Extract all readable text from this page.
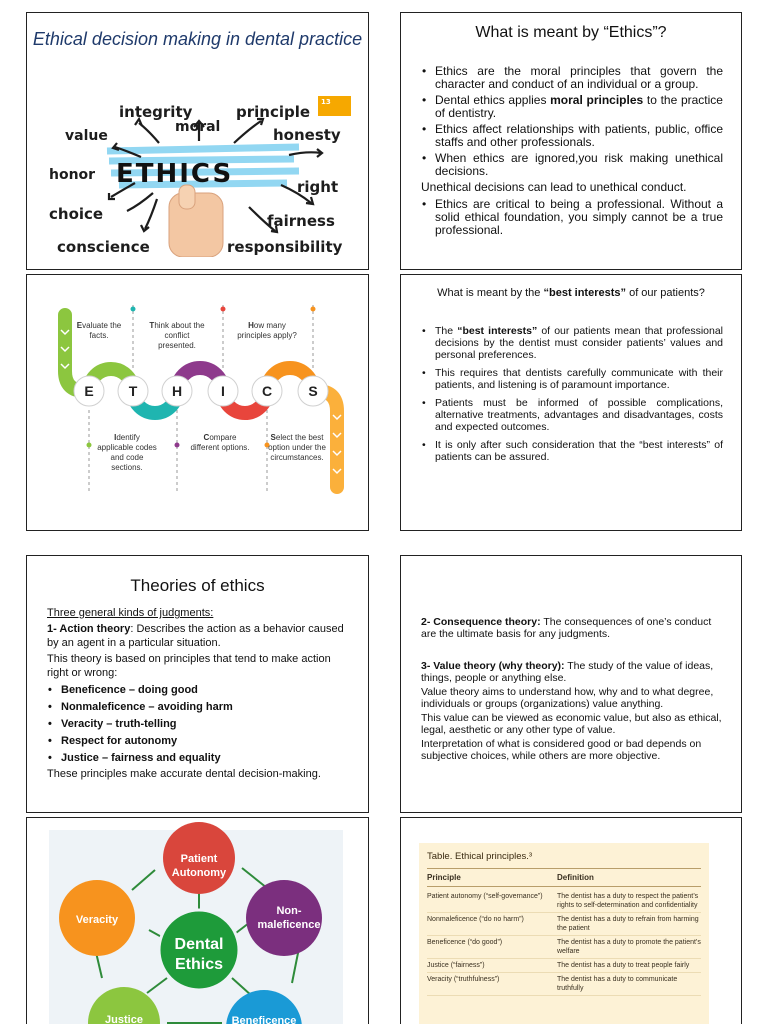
Ethical decision making in dental practice
13
integrity
moral
principle
value	honesty
honor ETHICS	right
choice	fairness
conscience	responsibility
What is meant by “Ethics”?
• Ethics are the moral principles that govern the character and conduct of an individual or a group.
• Dental ethics applies moral principles to the practice of dentistry.
• Ethics affect relationships with patients, public, office staffs and other professionals.
• When ethics are ignored,you risk making unethical decisions.
Unethical decisions can lead to unethical conduct.
• Ethics are critical to being a professional. Without a solid ethical foundation, you simply cannot be a true professional.
E	T H	I	C	S
Evaluate the facts.
Think about the conflict presented.
How many principles apply?
Identify applicable codes and code sections.
Compare different options.
Select the best option under the circumstances.
What is meant by the “best interests” of our patients?
• The “best interests” of our patients mean that professional decisions by the dentist must consider patients’ values and personal preferences.
• This requires that dentists carefully communicate with their patients, and listening is of paramount importance.
• Patients must be informed of possible complications, alternative treatments, advantages and disadvantages, costs and expected outcomes.
• It is only after such consideration that the “best interests” of patients can be assured.
Theories of ethics

Three general kinds of judgments:

1- Action theory: Describes the action as a behavior caused by an agent in a particular situation.

This theory is based on principles that tend to make action right or wrong:

• Beneficence – doing good
• Nonmaleficence – avoiding harm
• Veracity – truth-telling
• Respect for autonomy
• Justice – fairness and equality

These principles make accurate dental decision-making.

2- Consequence theory: The consequences of one’s conduct are the ultimate basis for any judgments.

3- Value theory (why theory): The study of the value of ideas, things, people or anything else.

Value theory aims to understand how, why and to what degree, individuals or groups (organizations) value anything.

This value can be viewed as economic value, but also as ethical, legal, aesthetic or any other type of value.

Interpretation of what is considered good or bad depends on subjective choices, while others are more objective.

Dental
Ethics
Patient
Autonomy
Non-
maleficence
Veracity
Justice	Beneficence
Table. Ethical principles.³
Principle	Definition
Patient autonomy (“self-governance”)	The dentist has a duty to respect the patient’s rights to self-determination and confidentiality
Nonmaleficence (“do no harm”)	The dentist has a duty to refrain from harming the patient
Beneficence (“do good”)	The dentist has a duty to promote the patient’s welfare
Justice (“fairness”)	The dentist has a duty to treat people fairly
Veracity (“truthfulness”)	The dentist has a duty to communicate truthfully
